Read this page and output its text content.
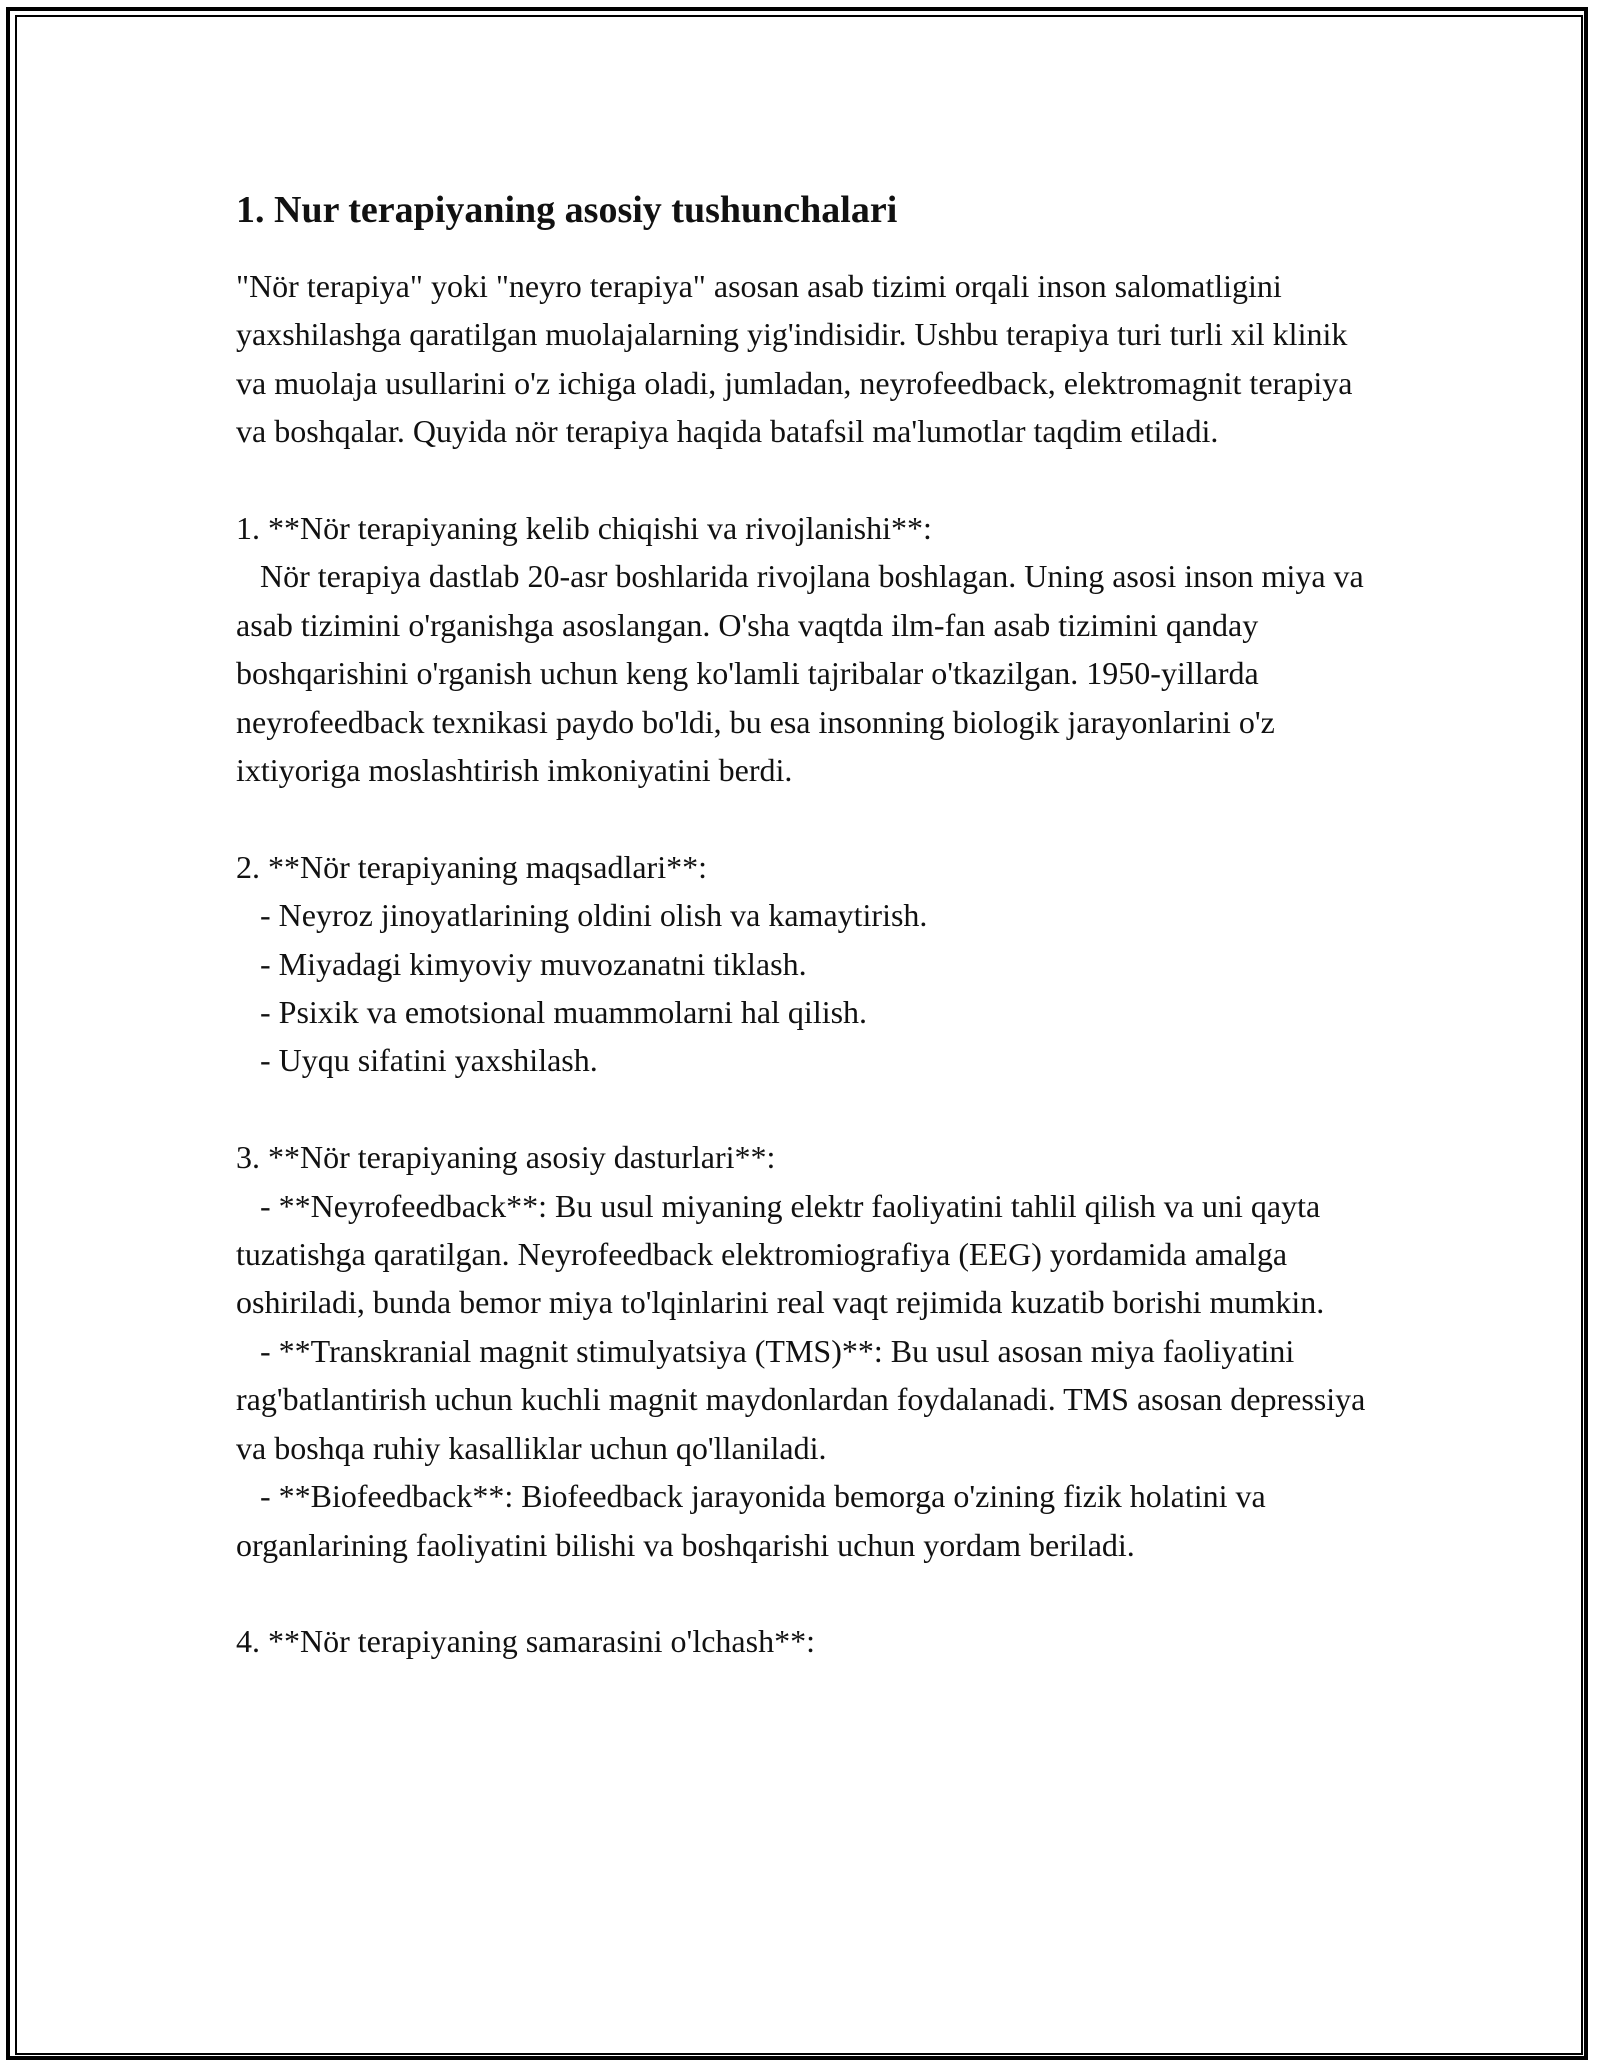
1. Nur terapiyaning asosiy tushunchalari

"Nör terapiya" yoki "neyro terapiya" asosan asab tizimi orqali inson salomatligini yaxshilashga qaratilgan muolajalarning yig'indisidir. Ushbu terapiya turi turli xil klinik va muolaja usullarini o'z ichiga oladi, jumladan, neyrofeedback, elektromagnit terapiya va boshqalar. Quyida nör terapiya haqida batafsil ma'lumotlar taqdim etiladi.

1. **Nör terapiyaning kelib chiqishi va rivojlanishi**:

Nör terapiya dastlab 20-asr boshlarida rivojlana boshlagan. Uning asosi inson miya va asab tizimini o'rganishga asoslangan. O'sha vaqtda ilm-fan asab tizimini qanday boshqarishini o'rganish uchun keng ko'lamli tajribalar o'tkazilgan. 1950-yillarda neyrofeedback texnikasi paydo bo'ldi, bu esa insonning biologik jarayonlarini o'z ixtiyoriga moslashtirish imkoniyatini berdi.

2. **Nör terapiyaning maqsadlari**:

- Neyroz jinoyatlarining oldini olish va kamaytirish.

- Miyadagi kimyoviy muvozanatni tiklash.

- Psixik va emotsional muammolarni hal qilish.

- Uyqu sifatini yaxshilash.

3. **Nör terapiyaning asosiy dasturlari**:

- **Neyrofeedback**: Bu usul miyaning elektr faoliyatini tahlil qilish va uni qayta tuzatishga qaratilgan. Neyrofeedback elektromiografiya (EEG) yordamida amalga oshiriladi, bunda bemor miya to'lqinlarini real vaqt rejimida kuzatib borishi mumkin.

- **Transkranial magnit stimulyatsiya (TMS)**: Bu usul asosan miya faoliyatini rag'batlantirish uchun kuchli magnit maydonlardan foydalanadi. TMS asosan depressiya va boshqa ruhiy kasalliklar uchun qo'llaniladi.

- **Biofeedback**: Biofeedback jarayonida bemorga o'zining fizik holatini va organlarining faoliyatini bilishi va boshqarishi uchun yordam beriladi.

4. **Nör terapiyaning samarasini o'lchash**:
